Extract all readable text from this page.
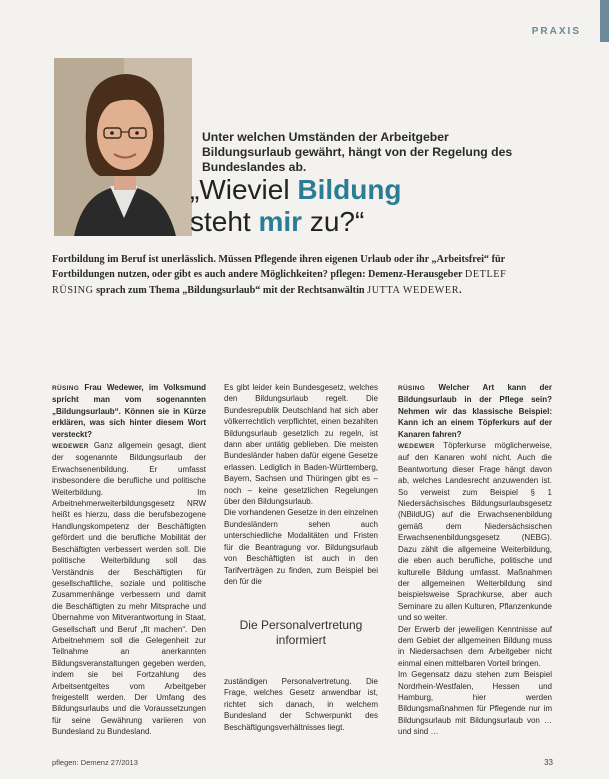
PRAXIS
Unter welchen Umständen der Arbeitgeber Bildungsurlaub gewährt, hängt von der Regelung des Bundeslandes ab.
„Wieviel Bildung
steht mir zu?“
Fortbildung im Beruf ist unerlässlich. Müssen Pflegende ihren eigenen Urlaub oder ihr „Arbeitsfrei“ für Fortbildungen nutzen, oder gibt es auch andere Möglichkeiten? pflegen: Demenz-Herausgeber DETLEF RÜSING sprach zum Thema „Bildungsurlaub“ mit der Rechtsanwältin JUTTA WEDEWER.

RÜSING Frau Wedewer, im Volksmund spricht man vom sogenannten „Bildungsurlaub“. Können sie in Kürze erklären, was sich hinter diesem Wort versteckt?

WEDEWER Ganz allgemein gesagt, dient der sogenannte Bildungsurlaub der Erwachsenenbildung. Er umfasst insbesondere die berufliche und politische Weiterbildung. Im Arbeitnehmerweiterbildungsgesetz NRW heißt es hierzu, dass die berufsbezogene Handlungskompetenz der Beschäftigten gefördert und die berufliche Mobilität der Beschäftigten verbessert werden soll. Die politische Weiterbildung soll das Verständnis der Beschäftigten für gesellschaftliche, soziale und politische Zusammenhänge verbessern und damit die Beschäftigten zu mehr Mitsprache und Übernahme von Mitverantwortung in Staat, Gesellschaft und Beruf „fit machen“. Den Arbeitnehmern soll die Gelegenheit zur Teilnahme an anerkannten Bildungsveranstaltungen gegeben werden, indem sie bei Fortzahlung des Arbeitsentgeltes vom Arbeitgeber freigestellt werden. Der Umfang des Bildungsurlaubs und die Voraussetzungen für seine Gewährung variieren von Bundesland zu Bundesland.

Es gibt leider kein Bundesgesetz, welches den Bildungsurlaub regelt. Die Bundesrepublik Deutschland hat sich aber völkerrechtlich verpflichtet, einen bezahlten Bildungsurlaub gesetzlich zu regeln, ist dann aber untätig geblieben. Die meisten Bundesländer haben dafür eigene Gesetze erlassen. Lediglich in Baden-Württemberg, Bayern, Sachsen und Thüringen gibt es – noch – keine gesetzlichen Regelungen über den Bildungsurlaub.

Die vorhandenen Gesetze in den einzelnen Bundesländern sehen auch unterschiedliche Modalitäten und Fristen für die Beantragung vor. Bildungsurlaub von Beschäftigten ist auch in den Tarifverträgen zu finden, zum Beispiel bei den für die

Die Personalvertretung informiert

zuständigen Personalvertretung. Die Frage, welches Gesetz anwendbar ist, richtet sich danach, in welchem Bundesland der Schwerpunkt des Beschäftigungsverhältnisses liegt.

RÜSING Welcher Art kann der Bildungsurlaub in der Pflege sein? Nehmen wir das klassische Beispiel: Kann ich an einem Töpferkurs auf der Kanaren fahren?

WEDEWER Töpferkurse möglicherweise, auf den Kanaren wohl nicht. Auch die Beantwortung dieser Frage hängt davon ab, welches Landesrecht anzuwenden ist. So verweist zum Beispiel § 1 Niedersächsisches Bildungsurlaubsgesetz (NBildUG) auf die Erwachsenenbildung gemäß dem Niedersächsischen Erwachsenenbildungsgesetz (NEBG). Dazu zählt die allgemeine Weiterbildung, die eben auch berufliche, politische und kulturelle Bildung umfasst. Maßnahmen der allgemeinen Weiterbildung sind beispielsweise Sprachkurse, aber auch Seminare zu allen Kulturen, Pflanzenkunde und so weiter.

Der Erwerb der jeweiligen Kenntnisse auf dem Gebiet der allgemeinen Bildung muss in Niedersachsen dem Arbeitgeber nicht einmal einen mittelbaren Vorteil bringen.

Im Gegensatz dazu stehen zum Beispiel Nordrhein-Westfalen, Hessen und Hamburg, hier werden Bildungsmaßnahmen für Pflegende nur im Bildungsurlaub mit Bildungsurlaub von … und sind …

pflegen: Demenz 27/2013	33
